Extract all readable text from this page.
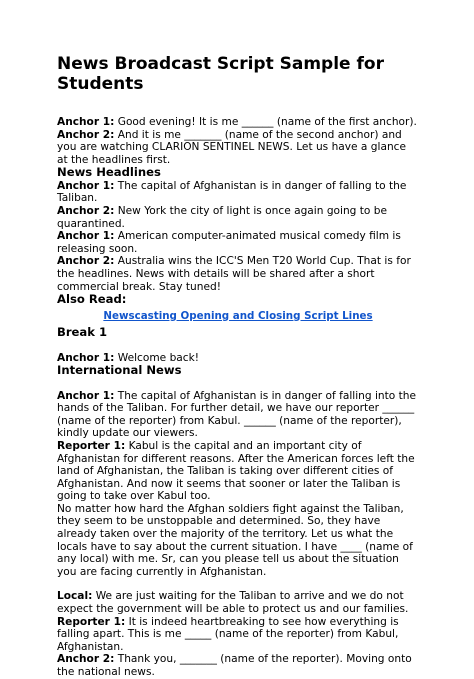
News Broadcast Script Sample for Students

Anchor 1: Good evening! It is me ______ (name of the first anchor).

Anchor 2: And it is me _______ (name of the second anchor) and you are watching CLARION SENTINEL NEWS. Let us have a glance at the headlines first.

News Headlines

Anchor 1: The capital of Afghanistan is in danger of falling to the Taliban.

Anchor 2: New York the city of light is once again going to be quarantined.

Anchor 1: American computer-animated musical comedy film is releasing soon.

Anchor 2: Australia wins the ICC'S Men T20 World Cup. That is for the headlines. News with details will be shared after a short commercial break. Stay tuned!

Also Read:

Newscasting Opening and Closing Script Lines

Break 1

Anchor 1: Welcome back!

International News

Anchor 1: The capital of Afghanistan is in danger of falling into the hands of the Taliban. For further detail, we have our reporter ______ (name of the reporter) from Kabul. ______ (name of the reporter), kindly update our viewers.

Reporter 1: Kabul is the capital and an important city of Afghanistan for different reasons. After the American forces left the land of Afghanistan, the Taliban is taking over different cities of Afghanistan. And now it seems that sooner or later the Taliban is going to take over Kabul too.

No matter how hard the Afghan soldiers fight against the Taliban, they seem to be unstoppable and determined. So, they have already taken over the majority of the territory. Let us what the locals have to say about the current situation. I have ____ (name of any local) with me. Sr, can you please tell us about the situation you are facing currently in Afghanistan.

Local: We are just waiting for the Taliban to arrive and we do not expect the government will be able to protect us and our families.

Reporter 1: It is indeed heartbreaking to see how everything is falling apart. This is me _____ (name of the reporter) from Kabul, Afghanistan.

Anchor 2: Thank you, _______ (name of the reporter). Moving onto the national news.
